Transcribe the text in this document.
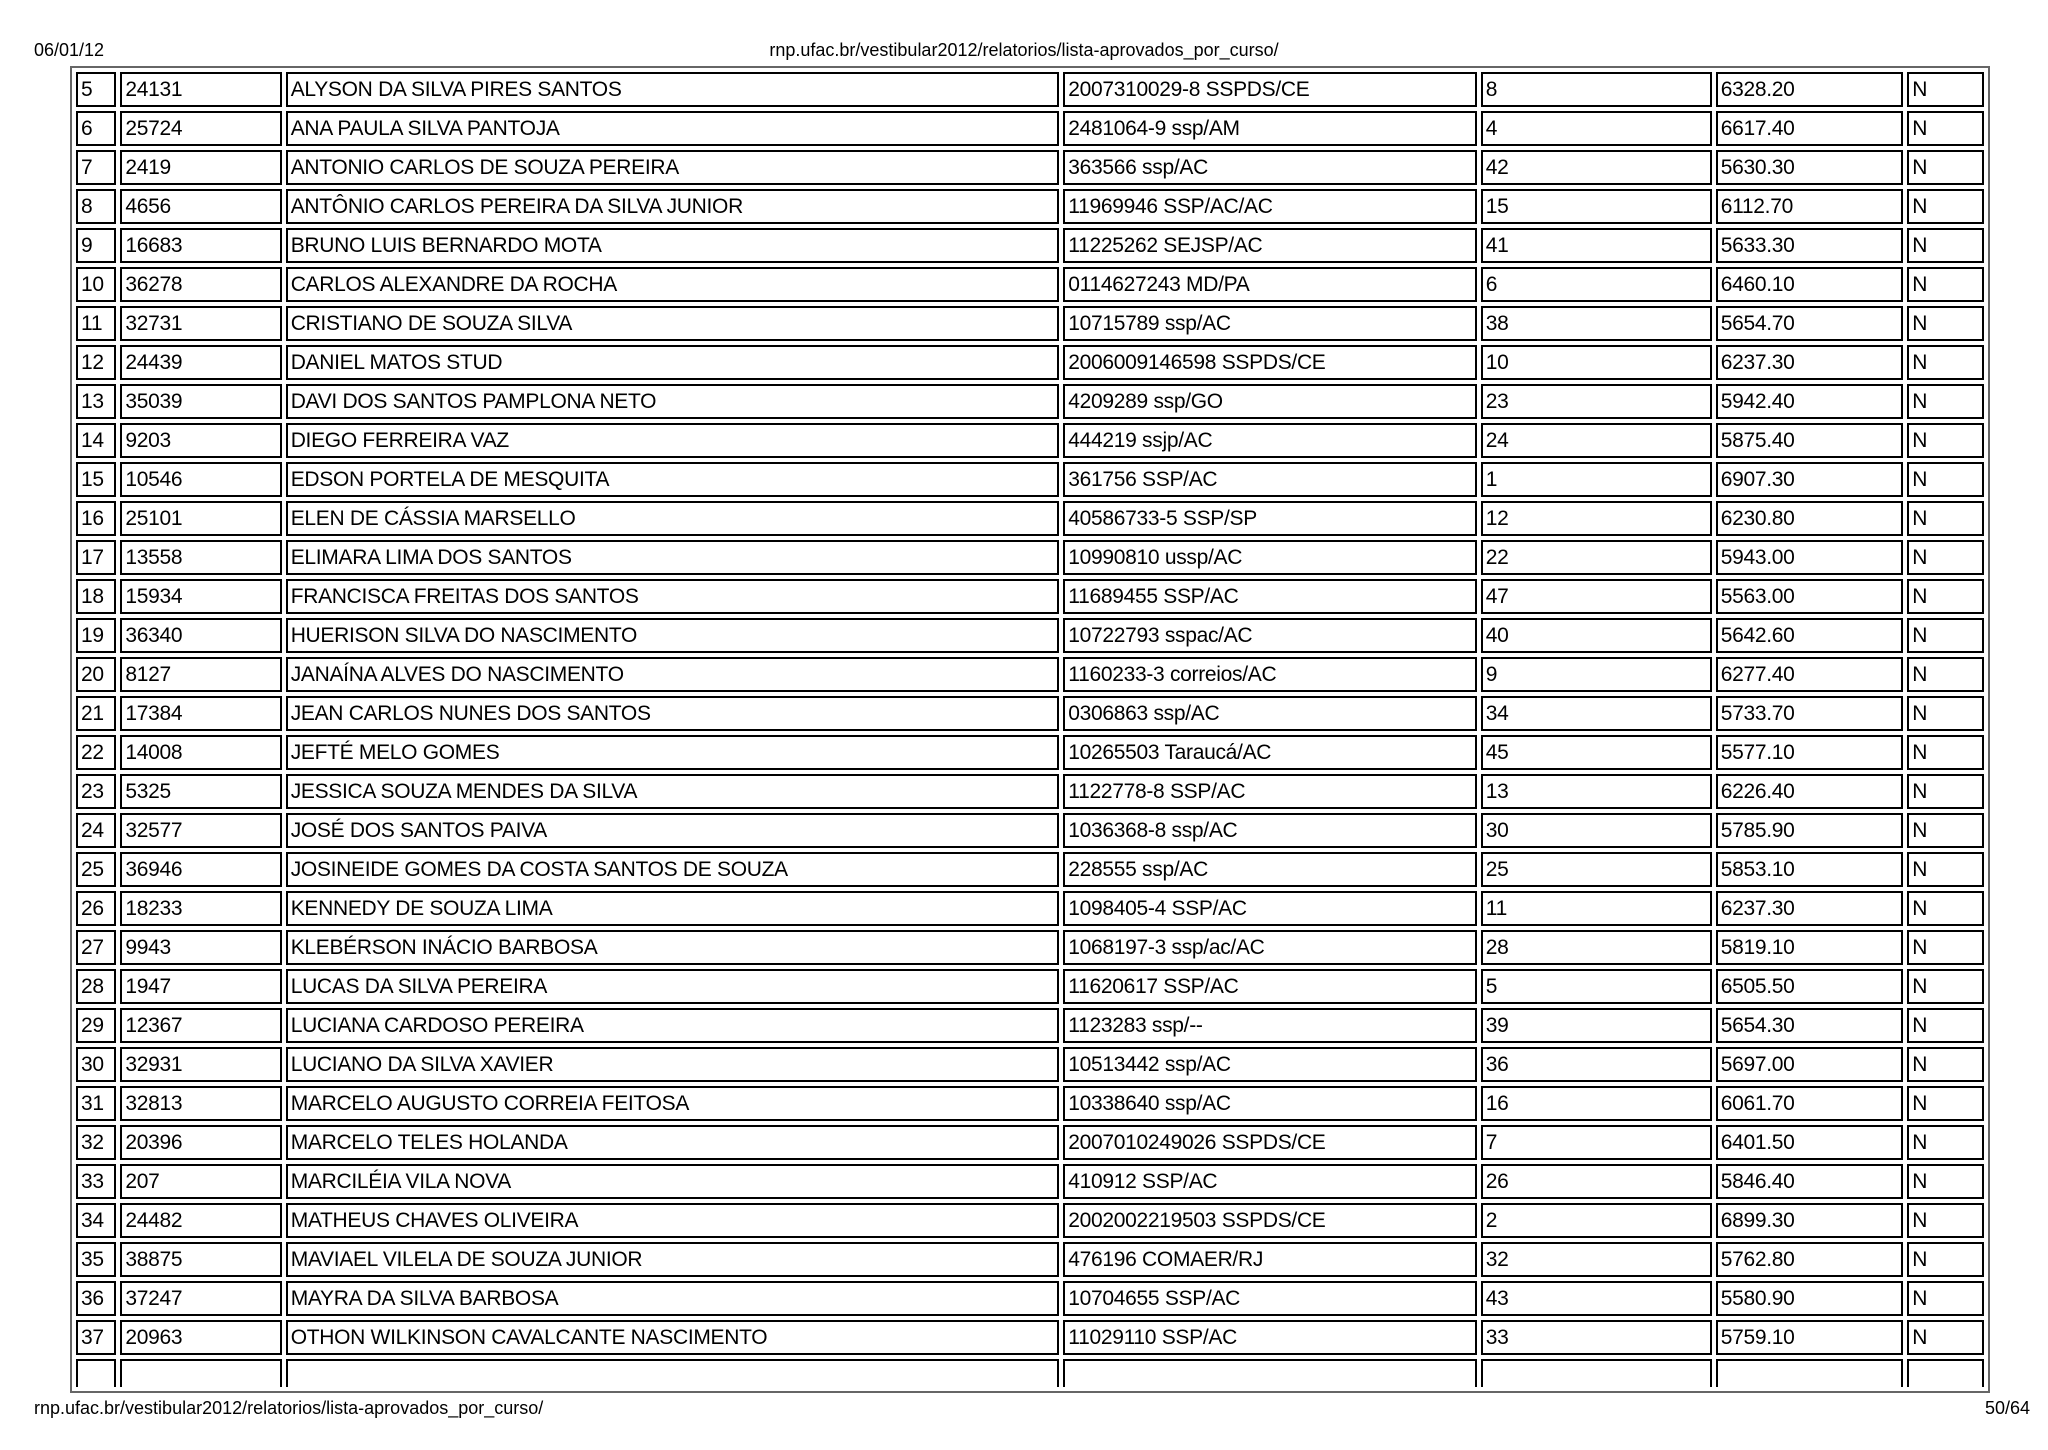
06/01/12	rnp.ufac.br/vestibular2012/relatorios/lista-aprovados_por_curso/
5	24131	ALYSON DA SILVA PIRES SANTOS	2007310029-8 SSPDS/CE	8	6328.20	N
6	25724	ANA PAULA SILVA PANTOJA	2481064-9 ssp/AM	4	6617.40	N
7	2419	ANTONIO CARLOS DE SOUZA PEREIRA	363566 ssp/AC	42	5630.30	N
8	4656	ANTÔNIO CARLOS PEREIRA DA SILVA JUNIOR	11969946 SSP/AC/AC	15	6112.70	N
9	16683	BRUNO LUIS BERNARDO MOTA	11225262 SEJSP/AC	41	5633.30	N
10	36278	CARLOS ALEXANDRE DA ROCHA	0114627243 MD/PA	6	6460.10	N
11	32731	CRISTIANO DE SOUZA SILVA	10715789 ssp/AC	38	5654.70	N
12	24439	DANIEL MATOS STUD	2006009146598 SSPDS/CE	10	6237.30	N
13	35039	DAVI DOS SANTOS PAMPLONA NETO	4209289 ssp/GO	23	5942.40	N
14	9203	DIEGO FERREIRA VAZ	444219 ssjp/AC	24	5875.40	N
15	10546	EDSON PORTELA DE MESQUITA	361756 SSP/AC	1	6907.30	N
16	25101	ELEN DE CÁSSIA MARSELLO	40586733-5 SSP/SP	12	6230.80	N
17	13558	ELIMARA LIMA DOS SANTOS	10990810 ussp/AC	22	5943.00	N
18	15934	FRANCISCA FREITAS DOS SANTOS	11689455 SSP/AC	47	5563.00	N
19	36340	HUERISON SILVA DO NASCIMENTO	10722793 sspac/AC	40	5642.60	N
20	8127	JANAÍNA ALVES DO NASCIMENTO	1160233-3 correios/AC	9	6277.40	N
21	17384	JEAN CARLOS NUNES DOS SANTOS	0306863 ssp/AC	34	5733.70	N
22	14008	JEFTÉ MELO GOMES	10265503 Taraucá/AC	45	5577.10	N
23	5325	JESSICA SOUZA MENDES DA SILVA	1122778-8 SSP/AC	13	6226.40	N
24	32577	JOSÉ DOS SANTOS PAIVA	1036368-8 ssp/AC	30	5785.90	N
25	36946	JOSINEIDE GOMES DA COSTA SANTOS DE SOUZA	228555 ssp/AC	25	5853.10	N
26	18233	KENNEDY DE SOUZA LIMA	1098405-4 SSP/AC	11	6237.30	N
27	9943	KLEBÉRSON INÁCIO BARBOSA	1068197-3 ssp/ac/AC	28	5819.10	N
28	1947	LUCAS DA SILVA PEREIRA	11620617 SSP/AC	5	6505.50	N
29	12367	LUCIANA CARDOSO PEREIRA	1123283 ssp/--	39	5654.30	N
30	32931	LUCIANO DA SILVA XAVIER	10513442 ssp/AC	36	5697.00	N
31	32813	MARCELO AUGUSTO CORREIA FEITOSA	10338640 ssp/AC	16	6061.70	N
32	20396	MARCELO TELES HOLANDA	2007010249026 SSPDS/CE	7	6401.50	N
33	207	MARCILÉIA VILA NOVA	410912 SSP/AC	26	5846.40	N
34	24482	MATHEUS CHAVES OLIVEIRA	2002002219503 SSPDS/CE	2	6899.30	N
35	38875	MAVIAEL VILELA DE SOUZA JUNIOR	476196 COMAER/RJ	32	5762.80	N
36	37247	MAYRA DA SILVA BARBOSA	10704655 SSP/AC	43	5580.90	N
37	20963	OTHON WILKINSON CAVALCANTE NASCIMENTO	11029110 SSP/AC	33	5759.10	N

rnp.ufac.br/vestibular2012/relatorios/lista-aprovados_por_curso/	50/64
